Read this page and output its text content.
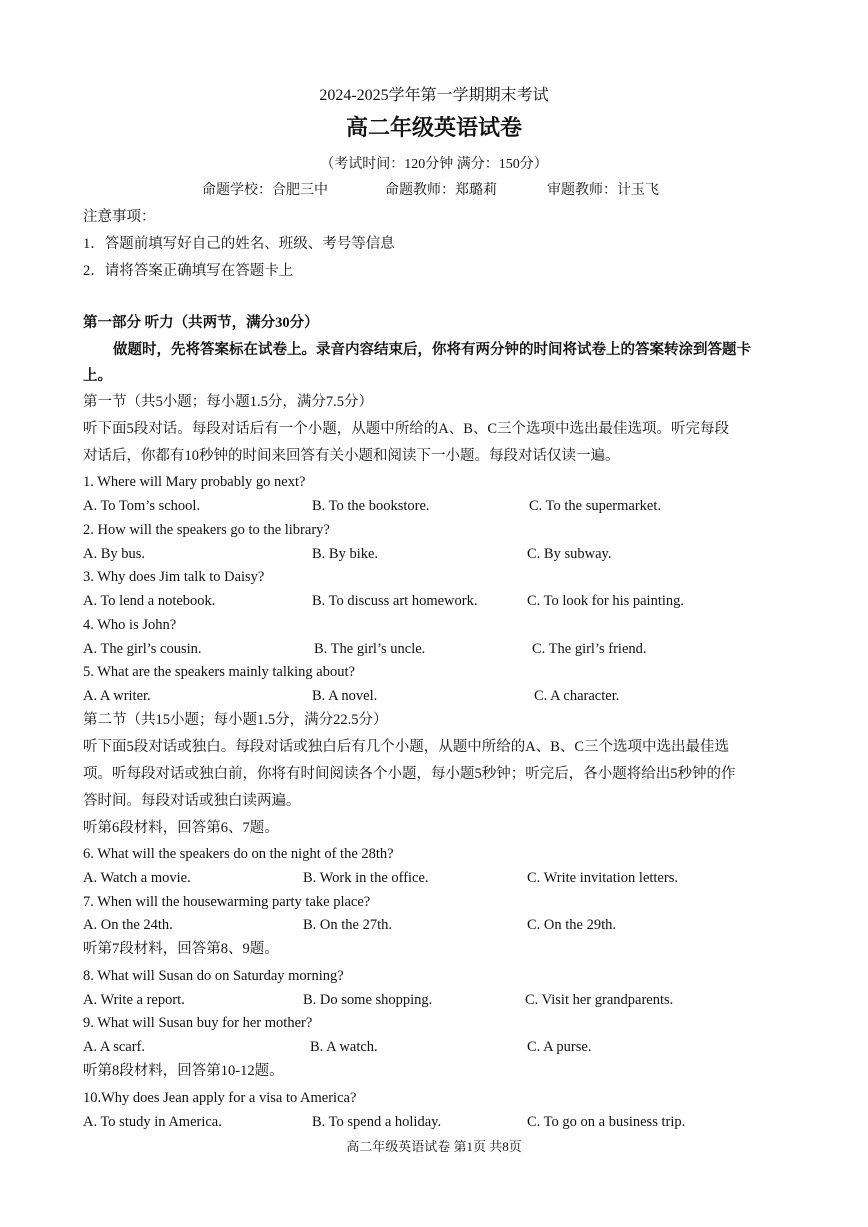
2024-2025学年第一学期期末考试
高二年级英语试卷
（考试时间：120分钟 满分：150分）
命题学校：合肥三中	命题教师：郑璐莉	审题教师：计玉飞
注意事项：
1．答题前填写好自己的姓名、班级、考号等信息
2．请将答案正确填写在答题卡上
第一部分 听力（共两节，满分30分）
做题时，先将答案标在试卷上。录音内容结束后，你将有两分钟的时间将试卷上的答案转涂到答题卡
上。
第一节（共5小题；每小题1.5分，满分7.5分）
听下面5段对话。每段对话后有一个小题，从题中所给的A、B、C三个选项中选出最佳选项。听完每段
对话后，你都有10秒钟的时间来回答有关小题和阅读下一小题。每段对话仅读一遍。
1. Where will Mary probably go next?
A. To Tom’s school.	B. To the bookstore.	C. To the supermarket.
2. How will the speakers go to the library?
A. By bus.	B. By bike.	C. By subway.
3. Why does Jim talk to Daisy?
A. To lend a notebook.	B. To discuss art homework.	C. To look for his painting.
4. Who is John?
A. The girl’s cousin.	B. The girl’s uncle.	C. The girl’s friend.
5. What are the speakers mainly talking about?
A. A writer.	B. A novel.	C. A character.
第二节（共15小题；每小题1.5分，满分22.5分）
听下面5段对话或独白。每段对话或独白后有几个小题，从题中所给的A、B、C三个选项中选出最佳选
项。听每段对话或独白前，你将有时间阅读各个小题，每小题5秒钟；听完后，各小题将给出5秒钟的作
答时间。每段对话或独白读两遍。
听第6段材料，回答第6、7题。
6. What will the speakers do on the night of the 28th?
A. Watch a movie.	B. Work in the office.	C. Write invitation letters.
7. When will the housewarming party take place?
A. On the 24th.	B. On the 27th.	C. On the 29th.
听第7段材料，回答第8、9题。
8. What will Susan do on Saturday morning?
A. Write a report.	B. Do some shopping.	C. Visit her grandparents.
9. What will Susan buy for her mother?
A. A scarf.	B. A watch.	C. A purse.
听第8段材料，回答第10-12题。
10.Why does Jean apply for a visa to America?
A. To study in America.	B. To spend a holiday.	C. To go on a business trip.
高二年级英语试卷 第1页 共8页
